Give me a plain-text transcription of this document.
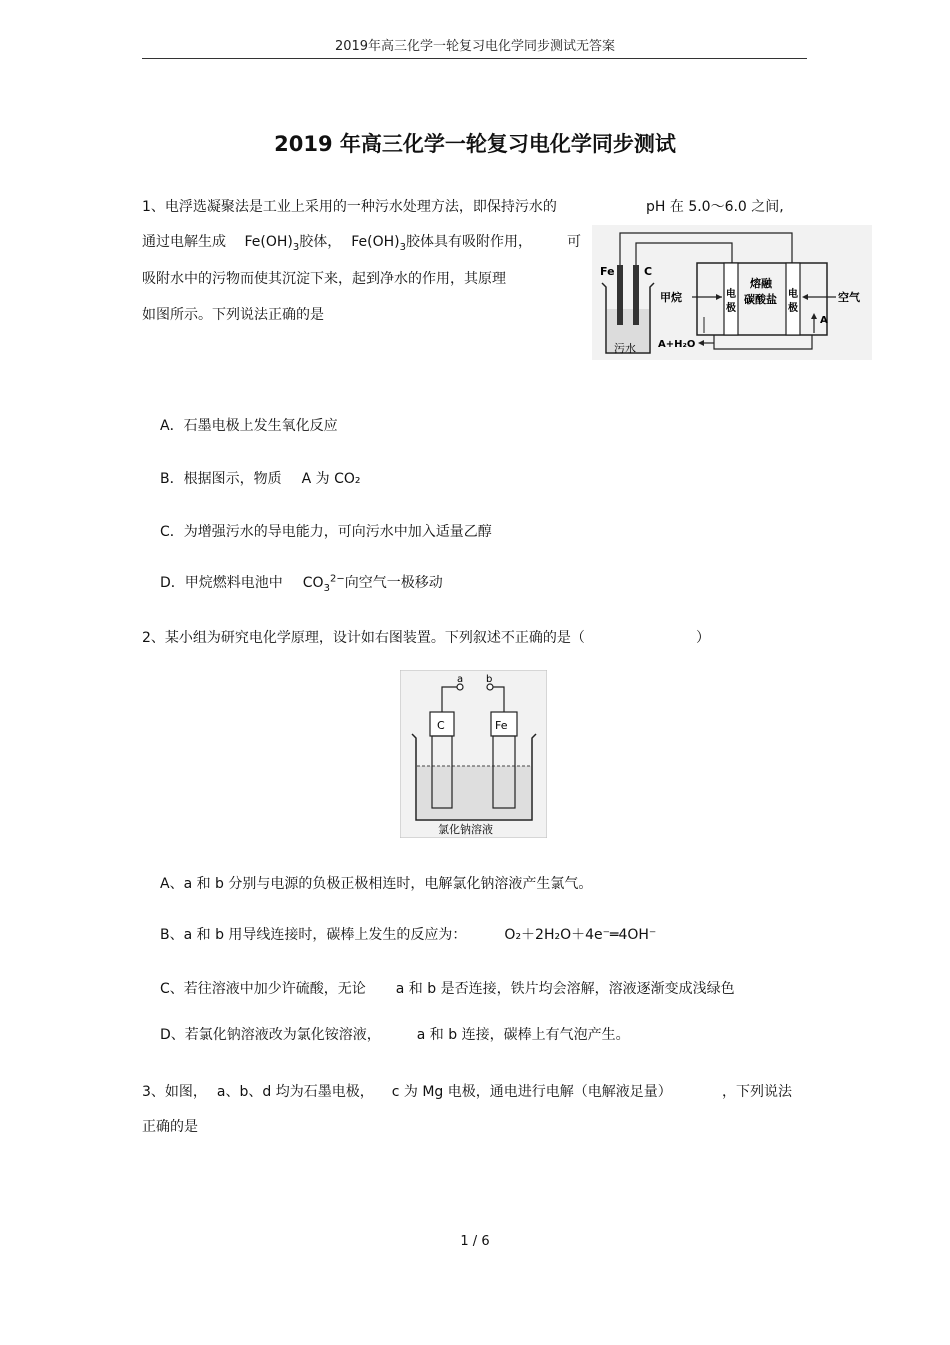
2019年高三化学一轮复习电化学同步测试无答案
2019 年高三化学一轮复习电化学同步测试
1、电浮选凝聚法是工业上采用的一种污水处理方法，即保持污水的	pH 在 5.0～6.0 之间,
通过电解生成 $Fe(OH)_3$胶体， $Fe(OH)_3$胶体具有吸附作用，	可
吸附水中的污物而使其沉淀下来，起到净水的作用，其原理
如图所示。下列说法正确的是
Fe	C
污水
电
极
电
极
熔融
碳酸盐
甲烷	空气
A
A+H₂O
A．石墨电极上发生氧化反应
B．根据图示，物质 A 为 CO₂
C．为增强污水的导电能力，可向污水中加入适量乙醇
D．甲烷燃料电池中 $CO_3^{2-}$向空气一极移动
2、某小组为研究电化学原理，设计如右图装置。下列叙述不正确的是（	）
a b
C	Fe
氯化钠溶液
A、a 和 b 分别与电源的负极正极相连时，电解氯化钠溶液产生氯气。
B、a 和 b 用导线连接时，碳棒上发生的反应为：	O₂＋2H₂O＋4e⁻═4OH⁻
C、若往溶液中加少许硫酸，无论 a 和 b 是否连接，铁片均会溶解，溶液逐渐变成浅绿色
D、若氯化钠溶液改为氯化铵溶液，	a 和 b 连接，碳棒上有气泡产生。
3、如图， a、b、d 均为石墨电极， c 为 Mg 电极，通电进行电解（电解液足量）	，下列说法
正确的是
1 / 6
